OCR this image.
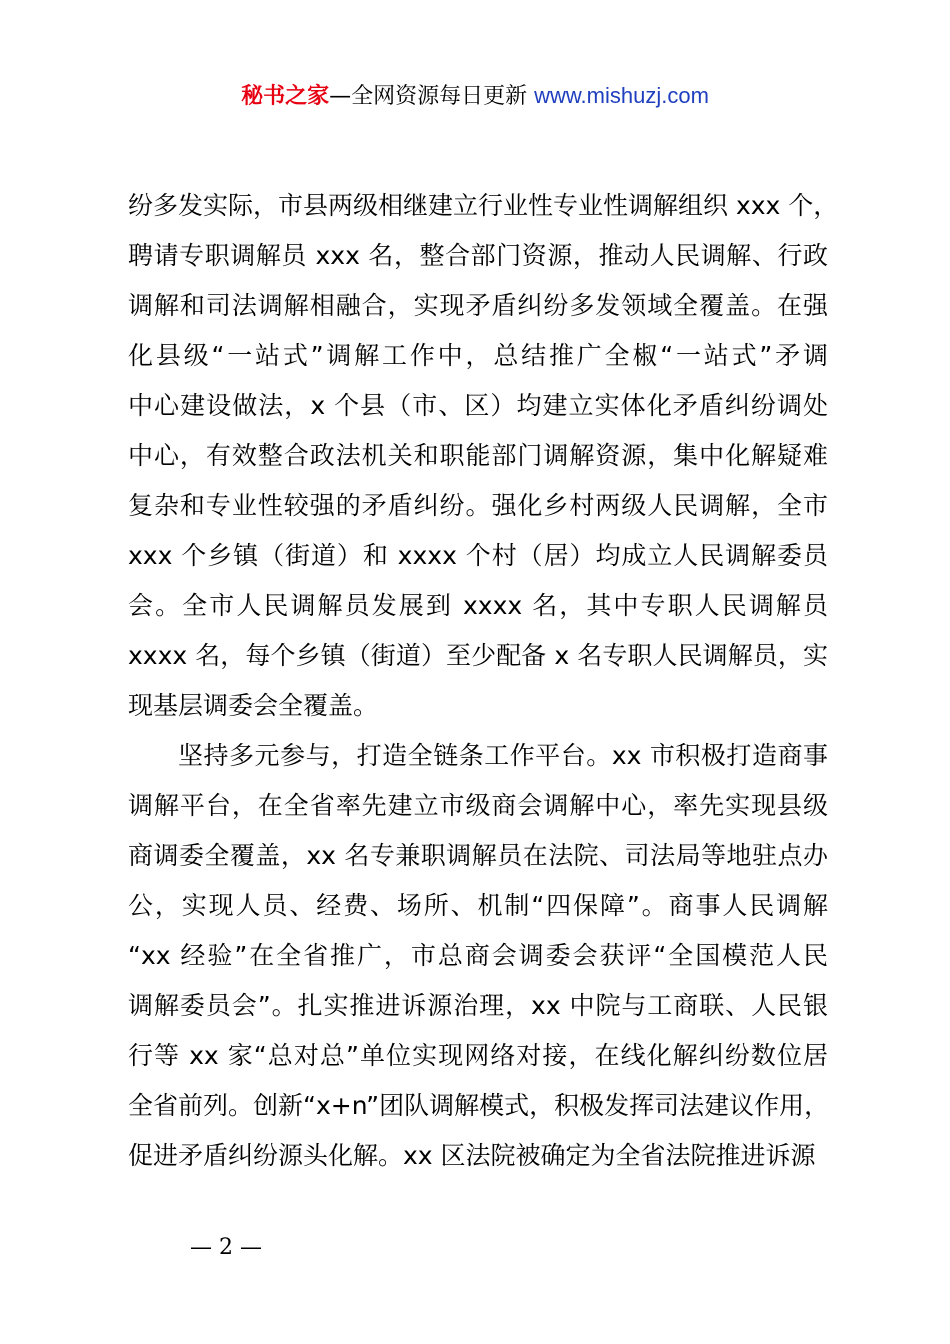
秘书之家—全网资源每日更新 www.mishuzj.com
纷多发实际，市县两级相继建立行业性专业性调解组织 xxx 个，
聘请专职调解员 xxx 名，整合部门资源，推动人民调解、行政
调解和司法调解相融合，实现矛盾纠纷多发领域全覆盖。在强
化县级“一站式”调解工作中，总结推广全椒“一站式”矛调
中心建设做法，x 个县（市、区）均建立实体化矛盾纠纷调处
中心，有效整合政法机关和职能部门调解资源，集中化解疑难
复杂和专业性较强的矛盾纠纷。强化乡村两级人民调解，全市
xxx 个乡镇（街道）和 xxxx 个村（居）均成立人民调解委员
会。全市人民调解员发展到 xxxx 名，其中专职人民调解员
xxxx 名，每个乡镇（街道）至少配备 x 名专职人民调解员，实
现基层调委会全覆盖。
坚持多元参与，打造全链条工作平台。xx 市积极打造商事
调解平台，在全省率先建立市级商会调解中心，率先实现县级
商调委全覆盖，xx 名专兼职调解员在法院、司法局等地驻点办
公，实现人员、经费、场所、机制“四保障”。商事人民调解
“xx 经验”在全省推广，市总商会调委会获评“全国模范人民
调解委员会”。扎实推进诉源治理，xx 中院与工商联、人民银
行等 xx 家“总对总”单位实现网络对接，在线化解纠纷数位居
全省前列。创新“x+n”团队调解模式，积极发挥司法建议作用，
促进矛盾纠纷源头化解。xx 区法院被确定为全省法院推进诉源
— 2 —
